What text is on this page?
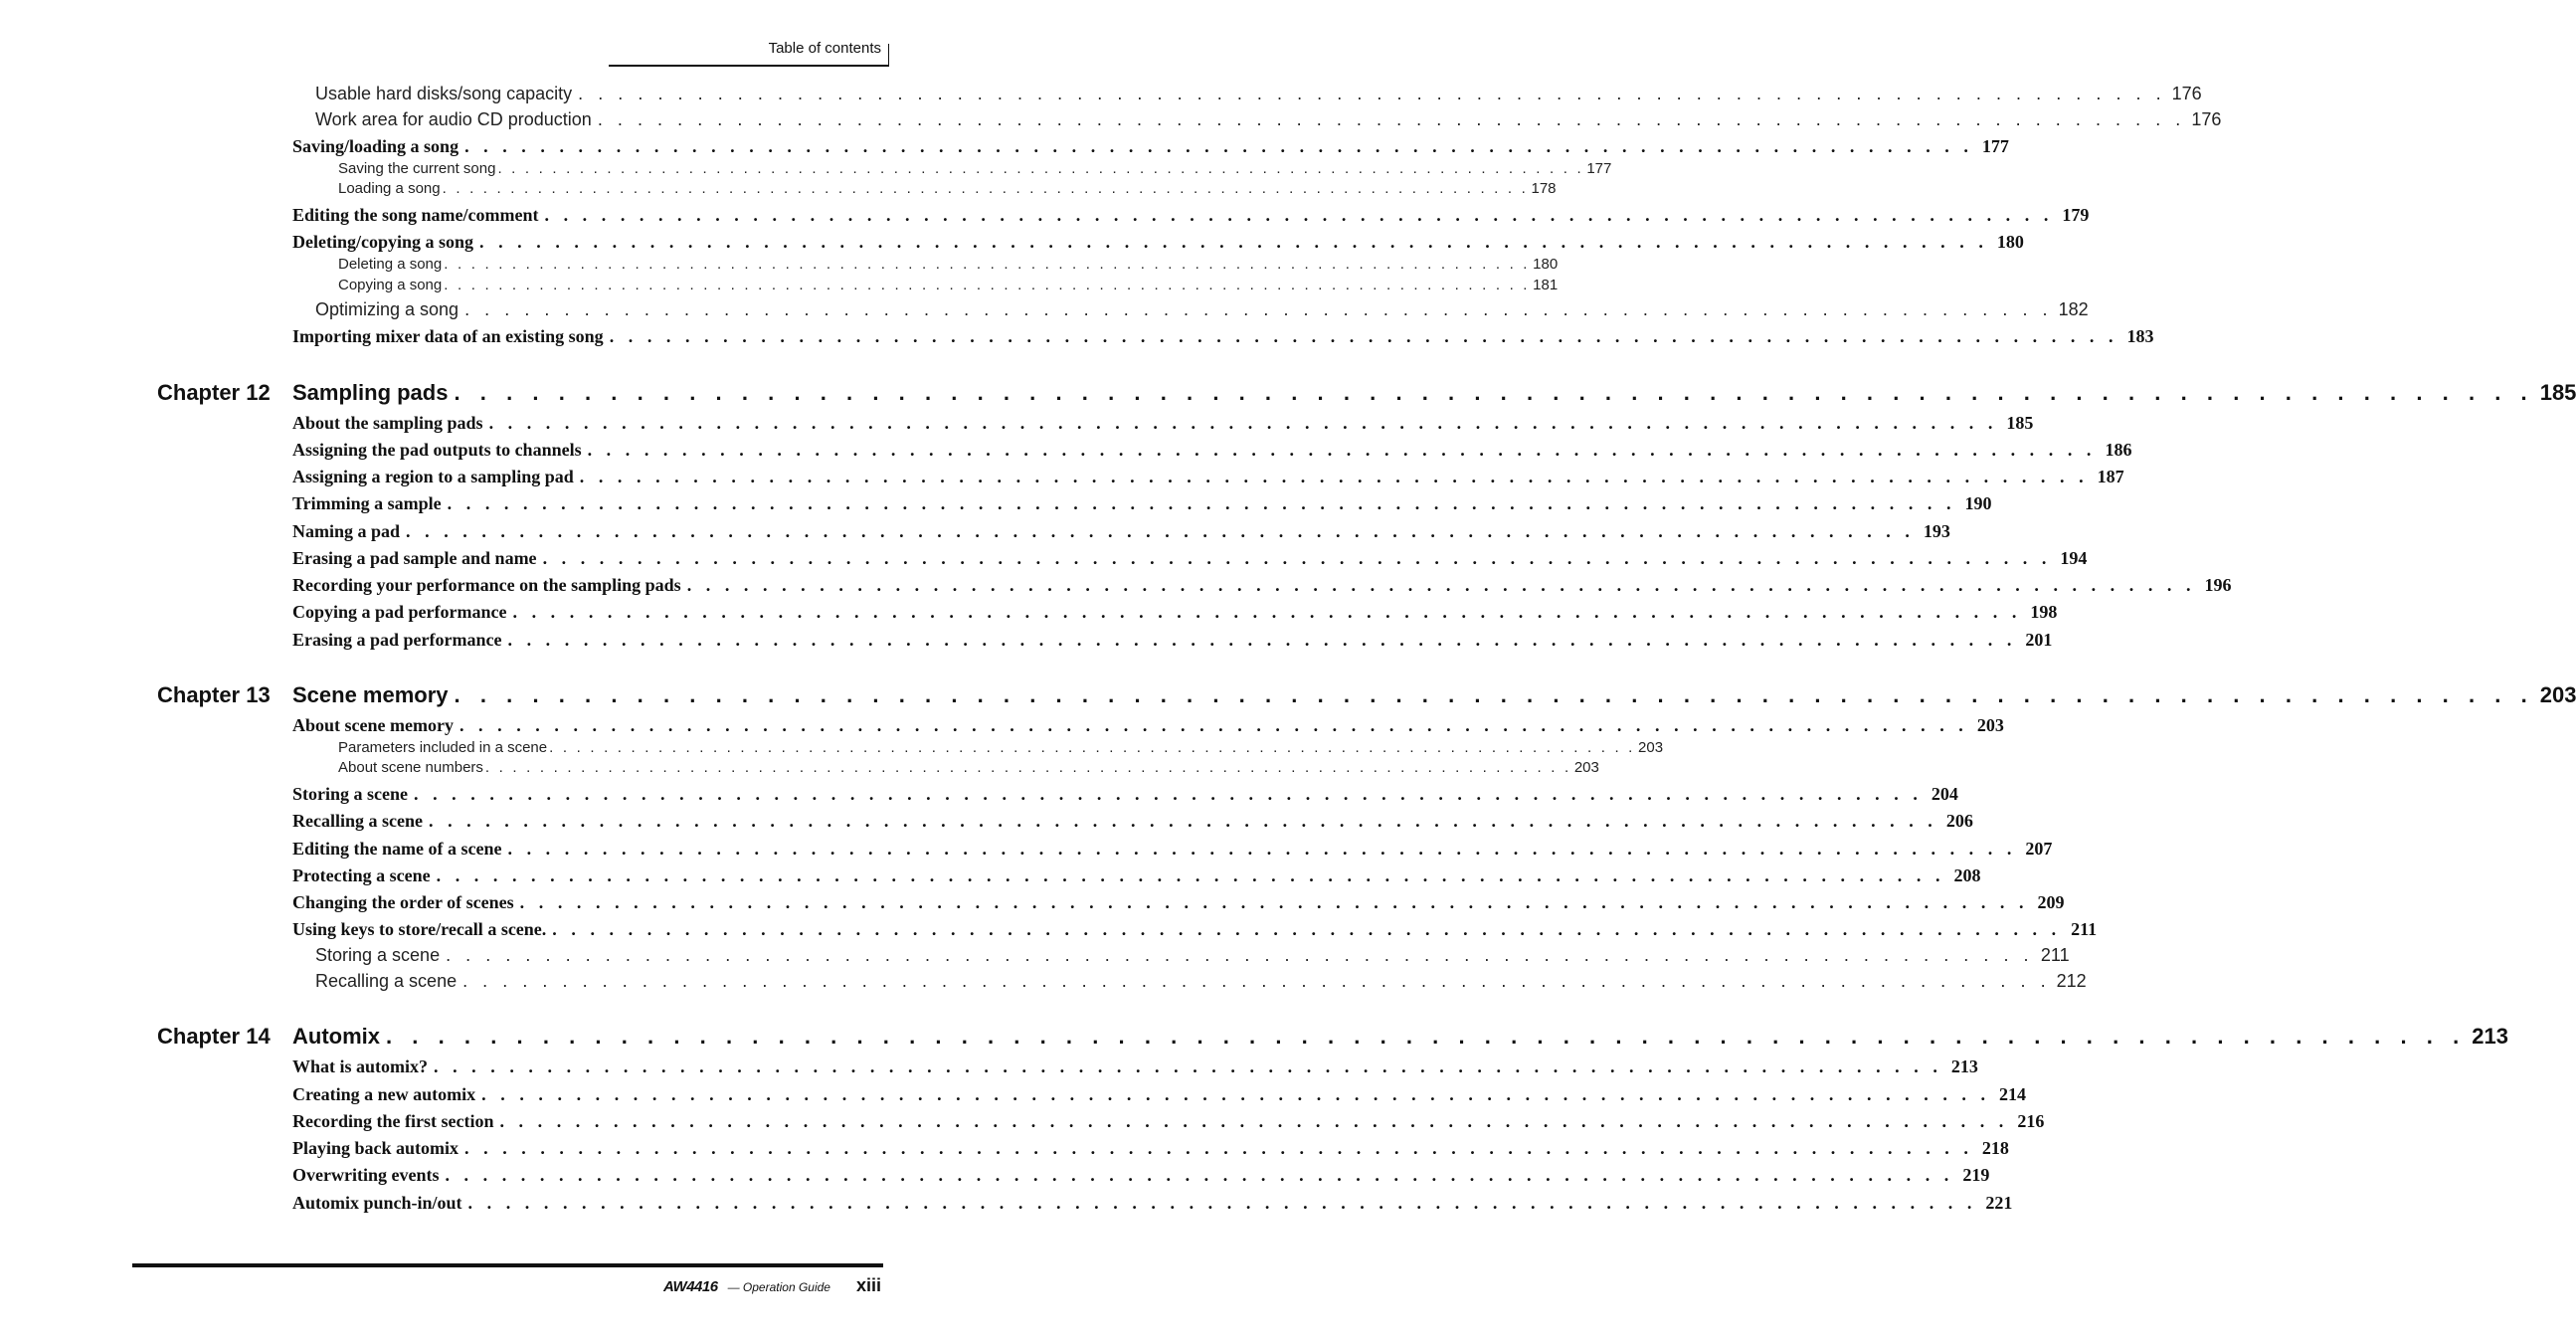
Table of contents
Usable hard disks/song capacity . . . . . . . . . . . . . . . . . . . . . . . . . . . . . . . . . . . . . . . . . . . . . . . . . . . . . . . . . . . . . . . . . . . . . . . . . . . . . . . . 176
Work area for audio CD production . . . . . . . . . . . . . . . . . . . . . . . . . . . . . . . . . . . . . . . . . . . . . . . . . . . . . . . . . . . . . . . . . . . . . . . . . . . . . . . . 176
Saving/loading a song . . . . . . . . . . . . . . . . . . . . . . . . . . . . . . . . . . . . . . . . . . . . . . . . . . . . . . . . . . . . . . . . . . . . . . . . . . . . . . . . 177
Saving the current song . . . . . . . . . . . . . . . . . . . . . . . . . . . . . . . . . . . . . . . . . . . . . . . . . . . . . . . . . . . . . . . . . . . . . . . . . . . . . . . . 177
Loading a song . . . . . . . . . . . . . . . . . . . . . . . . . . . . . . . . . . . . . . . . . . . . . . . . . . . . . . . . . . . . . . . . . . . . . . . . . . . . . . . . 178
Editing the song name/comment . . . . . . . . . . . . . . . . . . . . . . . . . . . . . . . . . . . . . . . . . . . . . . . . . . . . . . . . . . . . . . . . . . . . . . . . . . . . . . . . 179
Deleting/copying a song . . . . . . . . . . . . . . . . . . . . . . . . . . . . . . . . . . . . . . . . . . . . . . . . . . . . . . . . . . . . . . . . . . . . . . . . . . . . . . . . 180
Deleting a song . . . . . . . . . . . . . . . . . . . . . . . . . . . . . . . . . . . . . . . . . . . . . . . . . . . . . . . . . . . . . . . . . . . . . . . . . . . . . . . . 180
Copying a song . . . . . . . . . . . . . . . . . . . . . . . . . . . . . . . . . . . . . . . . . . . . . . . . . . . . . . . . . . . . . . . . . . . . . . . . . . . . . . . . 181
Optimizing a song . . . . . . . . . . . . . . . . . . . . . . . . . . . . . . . . . . . . . . . . . . . . . . . . . . . . . . . . . . . . . . . . . . . . . . . . . . . . . . . . 182
Importing mixer data of an existing song . . . . . . . . . . . . . . . . . . . . . . . . . . . . . . . . . . . . . . . . . . . . . . . . . . . . . . . . . . . . . . . . . . . . . . . . . . . . . . . . 183
Chapter 12	Sampling pads . . . . . . . . . . . . . . . . . . . . . . . . . . . . . . . . . . . . . . . . . . . . . . . . . . . . . . . . . . . . . . . . . . . . . . . . . . . . . . . . 185
About the sampling pads . . . . . . . . . . . . . . . . . . . . . . . . . . . . . . . . . . . . . . . . . . . . . . . . . . . . . . . . . . . . . . . . . . . . . . . . . . . . . . . . 185
Assigning the pad outputs to channels . . . . . . . . . . . . . . . . . . . . . . . . . . . . . . . . . . . . . . . . . . . . . . . . . . . . . . . . . . . . . . . . . . . . . . . . . . . . . . . . 186
Assigning a region to a sampling pad . . . . . . . . . . . . . . . . . . . . . . . . . . . . . . . . . . . . . . . . . . . . . . . . . . . . . . . . . . . . . . . . . . . . . . . . . . . . . . . . 187
Trimming a sample . . . . . . . . . . . . . . . . . . . . . . . . . . . . . . . . . . . . . . . . . . . . . . . . . . . . . . . . . . . . . . . . . . . . . . . . . . . . . . . . 190
Naming a pad . . . . . . . . . . . . . . . . . . . . . . . . . . . . . . . . . . . . . . . . . . . . . . . . . . . . . . . . . . . . . . . . . . . . . . . . . . . . . . . . 193
Erasing a pad sample and name . . . . . . . . . . . . . . . . . . . . . . . . . . . . . . . . . . . . . . . . . . . . . . . . . . . . . . . . . . . . . . . . . . . . . . . . . . . . . . . . 194
Recording your performance on the sampling pads . . . . . . . . . . . . . . . . . . . . . . . . . . . . . . . . . . . . . . . . . . . . . . . . . . . . . . . . . . . . . . . . . . . . . . . . . . . . . . . . 196
Copying a pad performance . . . . . . . . . . . . . . . . . . . . . . . . . . . . . . . . . . . . . . . . . . . . . . . . . . . . . . . . . . . . . . . . . . . . . . . . . . . . . . . . 198
Erasing a pad performance . . . . . . . . . . . . . . . . . . . . . . . . . . . . . . . . . . . . . . . . . . . . . . . . . . . . . . . . . . . . . . . . . . . . . . . . . . . . . . . . 201
Chapter 13	Scene memory . . . . . . . . . . . . . . . . . . . . . . . . . . . . . . . . . . . . . . . . . . . . . . . . . . . . . . . . . . . . . . . . . . . . . . . . . . . . . . . . 203
About scene memory . . . . . . . . . . . . . . . . . . . . . . . . . . . . . . . . . . . . . . . . . . . . . . . . . . . . . . . . . . . . . . . . . . . . . . . . . . . . . . . . 203
Parameters included in a scene . . . . . . . . . . . . . . . . . . . . . . . . . . . . . . . . . . . . . . . . . . . . . . . . . . . . . . . . . . . . . . . . . . . . . . . . . . . . . . . . 203
About scene numbers . . . . . . . . . . . . . . . . . . . . . . . . . . . . . . . . . . . . . . . . . . . . . . . . . . . . . . . . . . . . . . . . . . . . . . . . . . . . . . . . 203
Storing a scene . . . . . . . . . . . . . . . . . . . . . . . . . . . . . . . . . . . . . . . . . . . . . . . . . . . . . . . . . . . . . . . . . . . . . . . . . . . . . . . . 204
Recalling a scene . . . . . . . . . . . . . . . . . . . . . . . . . . . . . . . . . . . . . . . . . . . . . . . . . . . . . . . . . . . . . . . . . . . . . . . . . . . . . . . . 206
Editing the name of a scene . . . . . . . . . . . . . . . . . . . . . . . . . . . . . . . . . . . . . . . . . . . . . . . . . . . . . . . . . . . . . . . . . . . . . . . . . . . . . . . . 207
Protecting a scene . . . . . . . . . . . . . . . . . . . . . . . . . . . . . . . . . . . . . . . . . . . . . . . . . . . . . . . . . . . . . . . . . . . . . . . . . . . . . . . . 208
Changing the order of scenes . . . . . . . . . . . . . . . . . . . . . . . . . . . . . . . . . . . . . . . . . . . . . . . . . . . . . . . . . . . . . . . . . . . . . . . . . . . . . . . . 209
Using keys to store/recall a scene. . . . . . . . . . . . . . . . . . . . . . . . . . . . . . . . . . . . . . . . . . . . . . . . . . . . . . . . . . . . . . . . . . . . . . . . . . . . . . . . . 211
Storing a scene . . . . . . . . . . . . . . . . . . . . . . . . . . . . . . . . . . . . . . . . . . . . . . . . . . . . . . . . . . . . . . . . . . . . . . . . . . . . . . . . 211
Recalling a scene . . . . . . . . . . . . . . . . . . . . . . . . . . . . . . . . . . . . . . . . . . . . . . . . . . . . . . . . . . . . . . . . . . . . . . . . . . . . . . . . 212
Chapter 14	Automix . . . . . . . . . . . . . . . . . . . . . . . . . . . . . . . . . . . . . . . . . . . . . . . . . . . . . . . . . . . . . . . . . . . . . . . . . . . . . . . . 213
What is automix? . . . . . . . . . . . . . . . . . . . . . . . . . . . . . . . . . . . . . . . . . . . . . . . . . . . . . . . . . . . . . . . . . . . . . . . . . . . . . . . . 213
Creating a new automix . . . . . . . . . . . . . . . . . . . . . . . . . . . . . . . . . . . . . . . . . . . . . . . . . . . . . . . . . . . . . . . . . . . . . . . . . . . . . . . . 214
Recording the first section . . . . . . . . . . . . . . . . . . . . . . . . . . . . . . . . . . . . . . . . . . . . . . . . . . . . . . . . . . . . . . . . . . . . . . . . . . . . . . . . 216
Playing back automix . . . . . . . . . . . . . . . . . . . . . . . . . . . . . . . . . . . . . . . . . . . . . . . . . . . . . . . . . . . . . . . . . . . . . . . . . . . . . . . . 218
Overwriting events . . . . . . . . . . . . . . . . . . . . . . . . . . . . . . . . . . . . . . . . . . . . . . . . . . . . . . . . . . . . . . . . . . . . . . . . . . . . . . . . 219
Automix punch-in/out . . . . . . . . . . . . . . . . . . . . . . . . . . . . . . . . . . . . . . . . . . . . . . . . . . . . . . . . . . . . . . . . . . . . . . . . . . . . . . . . 221
AW4416 — Operation Guide xiii
